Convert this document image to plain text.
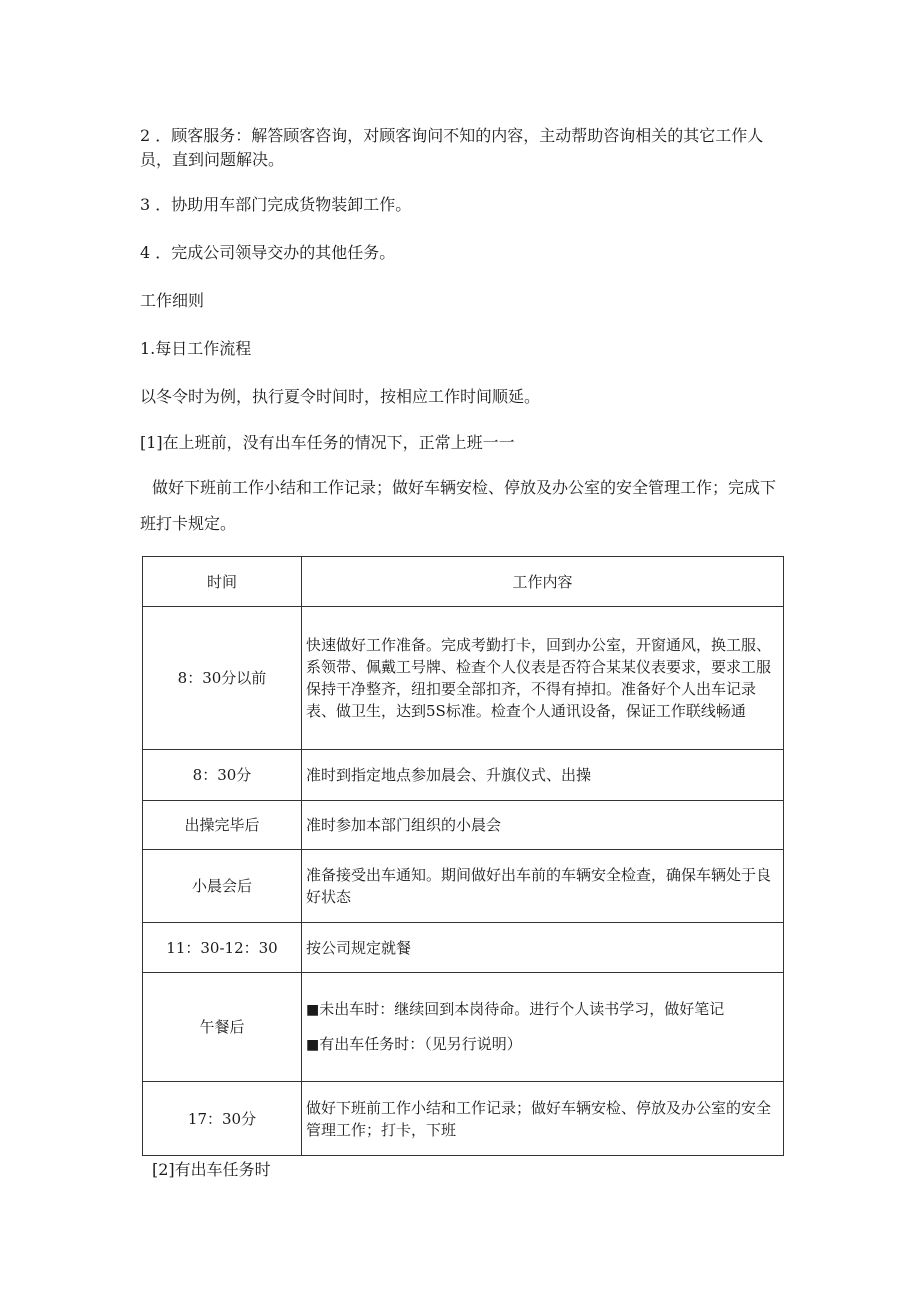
2 ．顾客服务：解答顾客咨询，对顾客询问不知的内容，主动帮助咨询相关的其它工作人员，直到问题解决。
3 ．协助用车部门完成货物装卸工作。
4 ．完成公司领导交办的其他任务。
工作细则
1.每日工作流程
以冬令时为例，执行夏令时间时，按相应工作时间顺延。
[1]在上班前，没有出车任务的情况下，正常上班一一
做好下班前工作小结和工作记录；做好车辆安检、停放及办公室的安全管理工作；完成下班打卡规定。
时间	工作内容
8：30分以前	快速做好工作准备。完成考勤打卡，回到办公室，开窗通风，换工服、系领带、佩戴工号牌、检查个人仪表是否符合某某仪表要求，要求工服保持干净整齐，纽扣要全部扣齐，不得有掉扣。准备好个人出车记录表、做卫生，达到5S标准。检查个人通讯设备，保证工作联线畅通
8：30分	准时到指定地点参加晨会、升旗仪式、出操
出操完毕后	准时参加本部门组织的小晨会
小晨会后	准备接受出车通知。期间做好出车前的车辆安全检查，确保车辆处于良好状态
11：30-12：30	按公司规定就餐
午餐后	■未出车时：继续回到本岗待命。进行个人读书学习，做好笔记
■有出车任务时：（见另行说明）

17：30分	做好下班前工作小结和工作记录；做好车辆安检、停放及办公室的安全管理工作；打卡，下班
[2]有出车任务时
